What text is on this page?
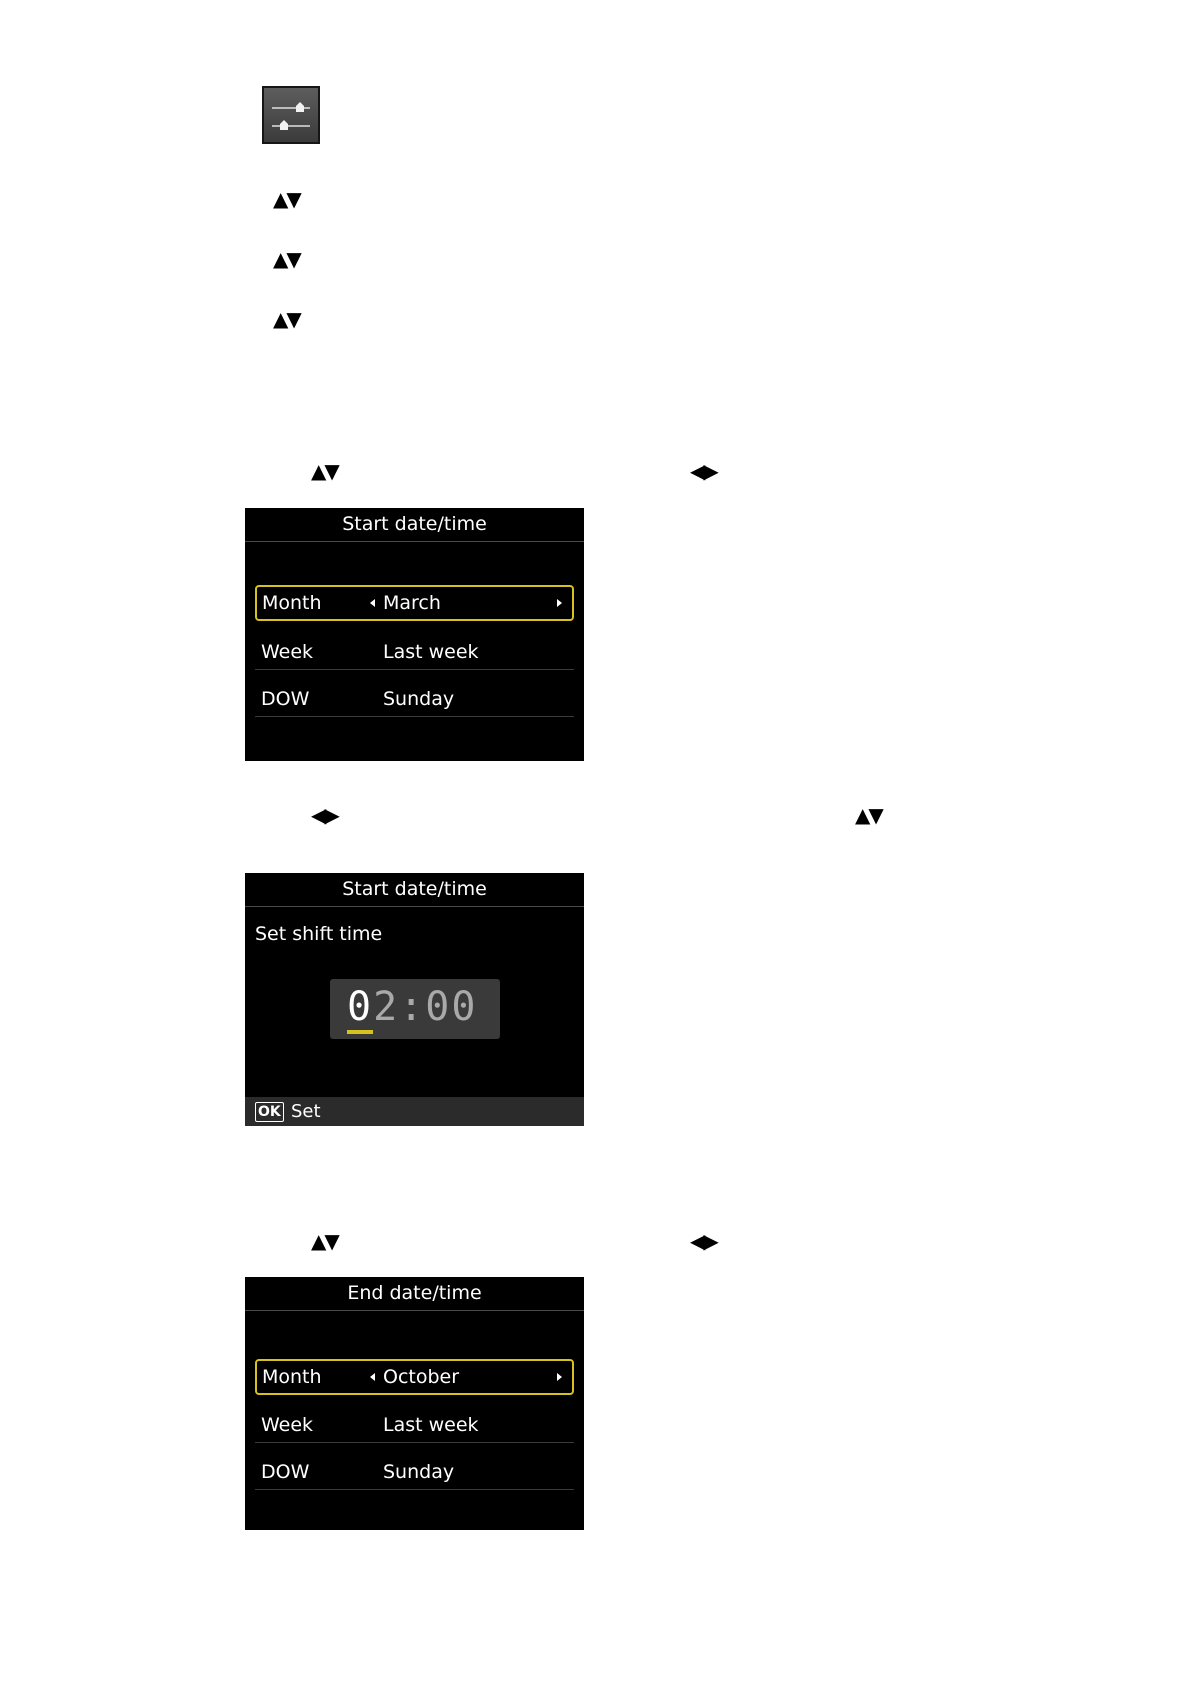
▲▼
▲▼
▲▼
▲▼	◀▶
Start date/time
Month	March
Week	Last week
DOW	Sunday
◀▶	▲▼
Start date/time
Set shift time
02:00
OK Set
▲▼	◀▶
End date/time
Month	October
Week	Last week
DOW	Sunday
